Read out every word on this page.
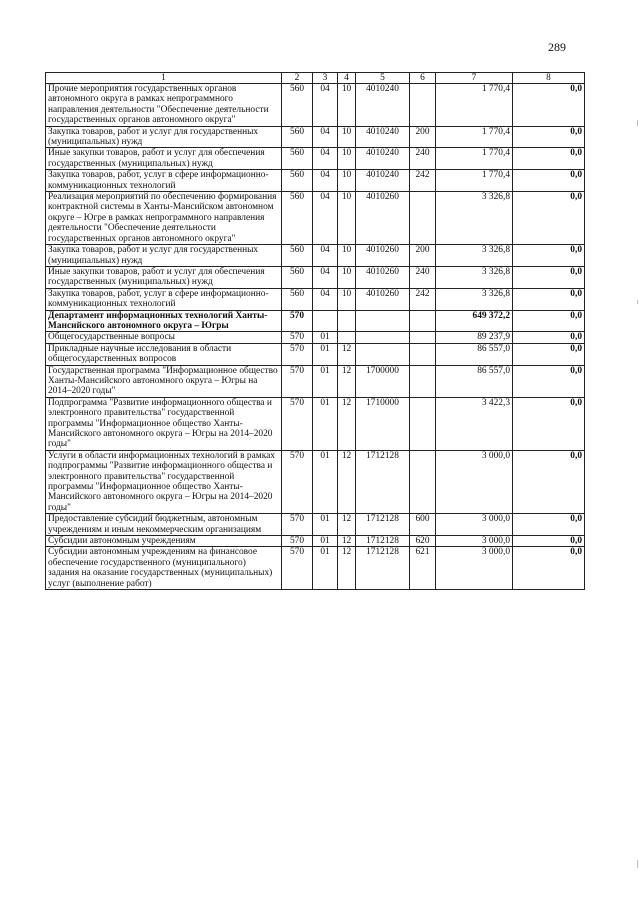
289
1	2	3	4	5	6	7	8
Прочие мероприятия государственных органов автономного округа в рамках непрограммного направления деятельности "Обеспечение деятельности государственных органов автономного округа"	560	04	10	4010240		1 770,4	0,0
Закупка товаров, работ и услуг для государственных (муниципальных) нужд	560	04	10	4010240	200	1 770,4	0,0
Иные закупки товаров, работ и услуг для обеспечения государственных (муниципальных) нужд	560	04	10	4010240	240	1 770,4	0,0
Закупка товаров, работ, услуг в сфере информационно-коммуникационных технологий	560	04	10	4010240	242	1 770,4	0,0
Реализация мероприятий по обеспечению формирования контрактной системы в Ханты-Мансийском автономном округе – Югре в рамках непрограммного направления деятельности "Обеспечение деятельности государственных органов автономного округа"	560	04	10	4010260		3 326,8	0,0
Закупка товаров, работ и услуг для государственных (муниципальных) нужд	560	04	10	4010260	200	3 326,8	0,0
Иные закупки товаров, работ и услуг для обеспечения государственных (муниципальных) нужд	560	04	10	4010260	240	3 326,8	0,0
Закупка товаров, работ, услуг в сфере информационно-коммуникационных технологий	560	04	10	4010260	242	3 326,8	0,0
Департамент информационных технологий Ханты-Мансийского автономного округа – Югры	570					649 372,2	0,0
Общегосударственные вопросы	570	01				89 237,9	0,0
Прикладные научные исследования в области общегосударственных вопросов	570	01	12			86 557,0	0,0
Государственная программа "Информационное общество Ханты-Мансийского автономного округа – Югры на 2014–2020 годы"	570	01	12	1700000		86 557,0	0,0
Подпрограмма "Развитие информационного общества и электронного правительства" государственной программы "Информационное общество Ханты-Мансийского автономного округа – Югры на 2014–2020 годы"	570	01	12	1710000		3 422,3	0,0
Услуги в области информационных технологий в рамках подпрограммы "Развитие информационного общества и электронного правительства" государственной программы "Информационное общество Ханты-Мансийского автономного округа – Югры на 2014–2020 годы"	570	01	12	1712128		3 000,0	0,0
Предоставление субсидий бюджетным, автономным учреждениям и иным некоммерческим организациям	570	01	12	1712128	600	3 000,0	0,0
Субсидии автономным учреждениям	570	01	12	1712128	620	3 000,0	0,0
Субсидии автономным учреждениям на финансовое обеспечение государственного (муниципального) задания на оказание государственных (муниципальных) услуг (выполнение работ)	570	01	12	1712128	621	3 000,0	0,0
